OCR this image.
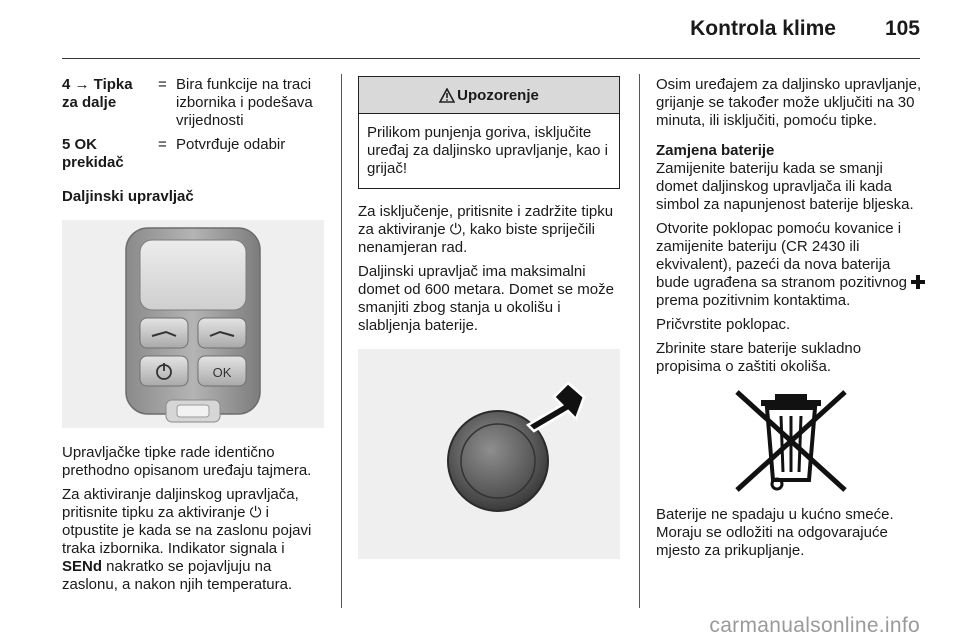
Kontrola klime 105
4 → Tipka
za dalje	=	Bira funkcije na traci izbornika i podešava vrijednosti
5 OK
prekidač	=	Potvrđuje odabir
Daljinski upravljač
OK

Upravljačke tipke rade identično prethodno opisanom uređaju tajmera.

Za aktiviranje daljinskog upravljača, pritisnite tipku za aktiviranje ⏻ i otpustite je kada se na zaslonu pojavi traka izbornika. Indikator signala i SENd nakratko se pojavljuju na zaslonu, a nakon njih temperatura.

Upozorenje
Prilikom punjenja goriva, isključite uređaj za daljinsko upravljanje, kao i grijač!

Za isključenje, pritisnite i zadržite tipku za aktiviranje ⏻, kako biste spriječili nenamjeran rad.

Daljinski upravljač ima maksimalni domet od 600 metara. Domet se može smanjiti zbog stanja u okolišu i slabljenja baterije.

Osim uređajem za daljinsko upravljanje, grijanje se također može uključiti na 30 minuta, ili isključiti, pomoću tipke.

Zamjena baterije

Zamijenite bateriju kada se smanji domet daljinskog upravljača ili kada simbol za napunjenost baterije bljeska.

Otvorite poklopac pomoću kovanice i zamijenite bateriju (CR 2430 ili ekvivalent), pazeći da nova baterija bude ugrađena sa stranom pozitivnog
prema pozitivnim kontaktima.

Pričvrstite poklopac.

Zbrinite stare baterije sukladno propisima o zaštiti okoliša.

Baterije ne spadaju u kućno smeće. Moraju se odložiti na odgovarajuće mjesto za prikupljanje.

carmanualsonline.info
